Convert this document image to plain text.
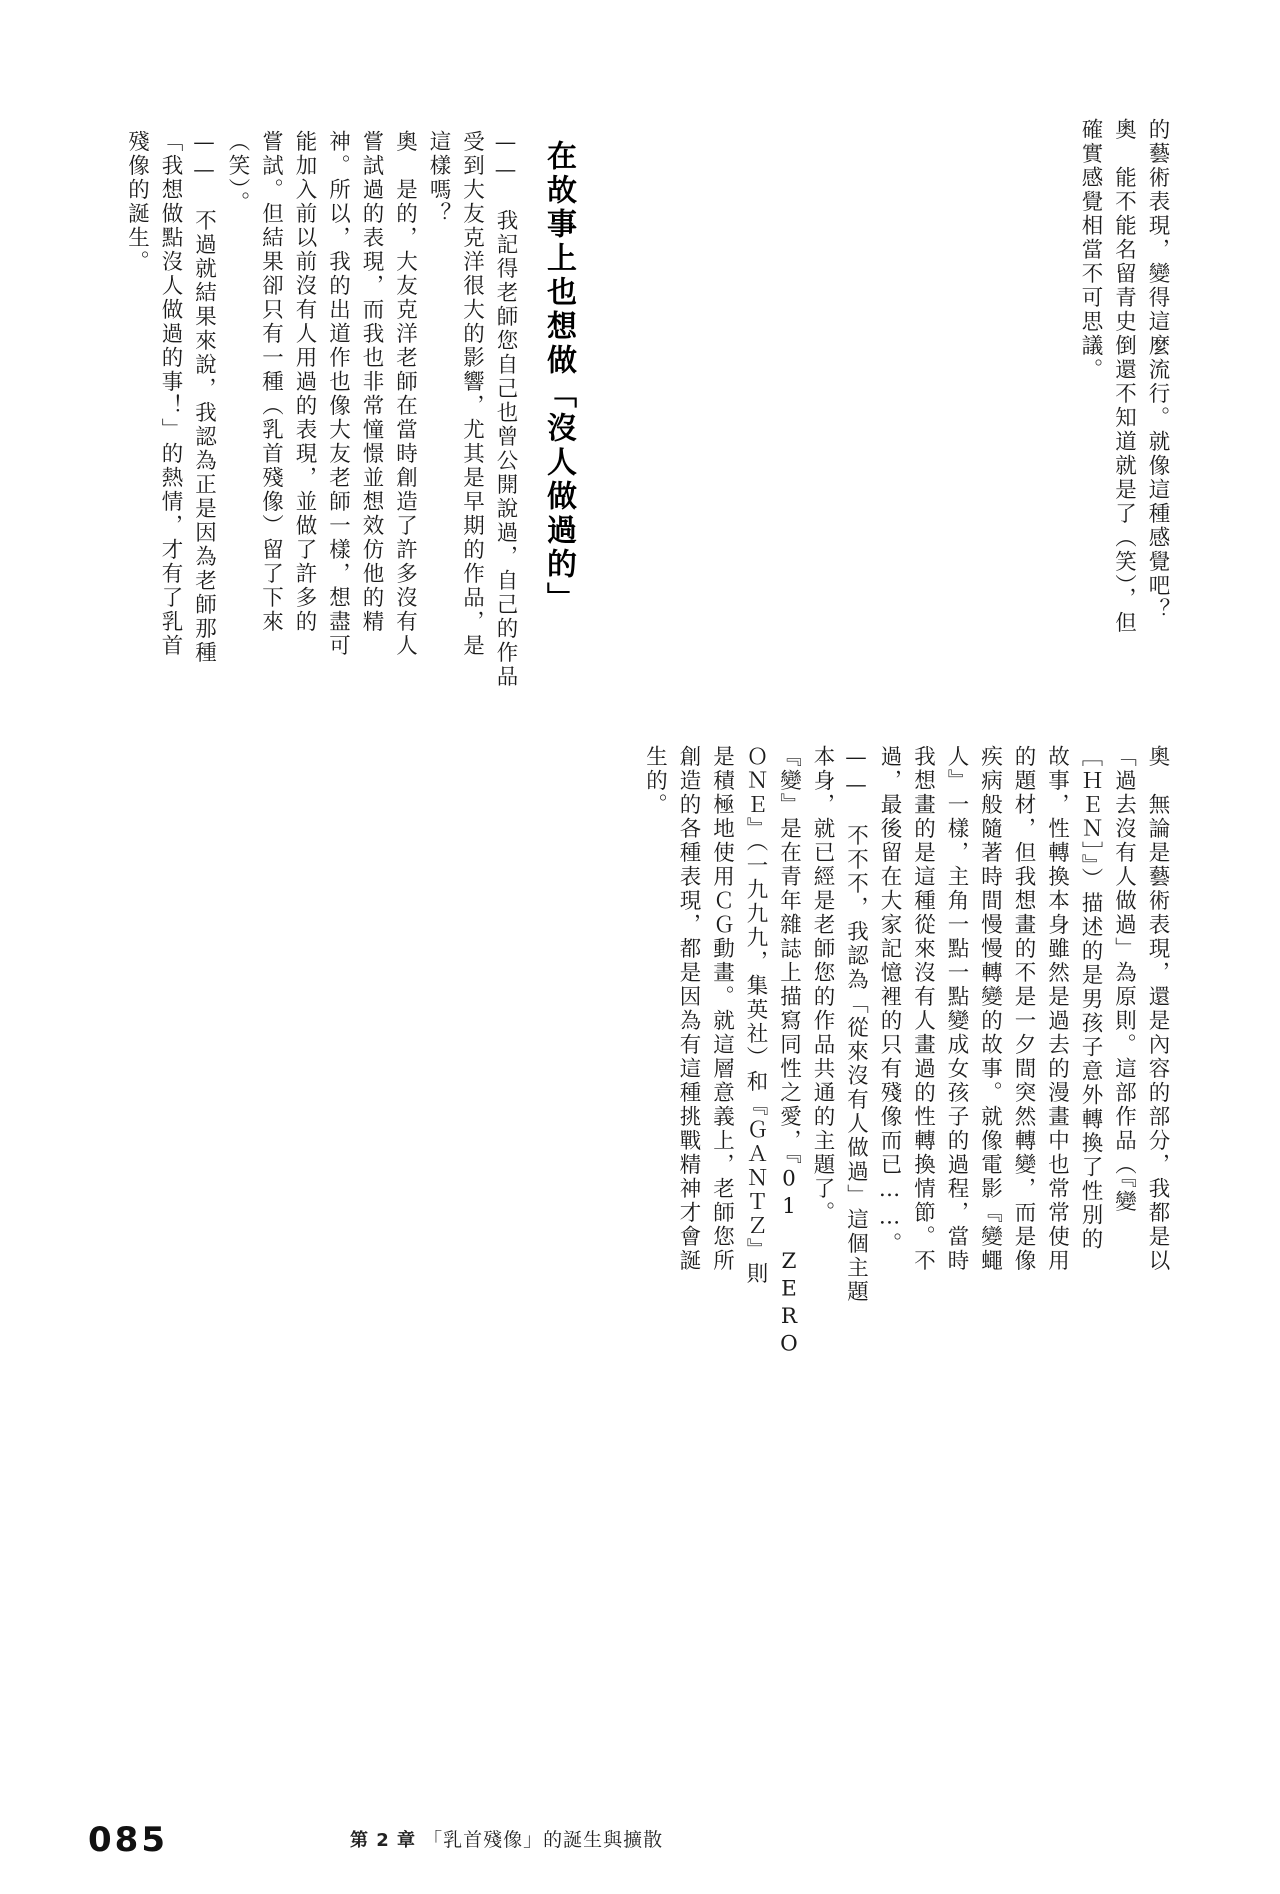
的藝術表現，變得這麼流行。就像這種感覺吧？
奧　能不能名留青史倒還不知道就是了（笑），但
確實感覺相當不可思議。
在故事上也想做「沒人做過的」
——　我記得老師您自己也曾公開說過，自己的作品
受到大友克洋很大的影響，尤其是早期的作品，是
這樣嗎？
奧　是的，大友克洋老師在當時創造了許多沒有人
嘗試過的表現，而我也非常憧憬並想效仿他的精
神。所以，我的出道作也像大友老師一樣，想盡可
能加入前以前沒有人用過的表現，並做了許多的
嘗試。但結果卻只有一種（乳首殘像）留了下來
（笑）。
——　不過就結果來說，我認為正是因為老師那種
「我想做點沒人做過的事！」的熱情，才有了乳首
殘像的誕生。
奧　無論是藝術表現，還是內容的部分，我都是以
「過去沒有人做過」為原則。這部作品（『變
［ＨＥＮ］』）描述的是男孩子意外轉換了性別的
故事，性轉換本身雖然是過去的漫畫中也常常使用
的題材，但我想畫的不是一夕間突然轉變，而是像
疾病般隨著時間慢慢轉變的故事。就像電影『變蠅
人』一樣，主角一點一點變成女孩子的過程，當時
我想畫的是這種從來沒有人畫過的性轉換情節。不
過，最後留在大家記憶裡的只有殘像而已……。
——　不不不，我認為「從來沒有人做過」這個主題
本身，就已經是老師您的作品共通的主題了。
『變』是在青年雜誌上描寫同性之愛，『01 ZERO
ＯＮＥ』（一九九九，集英社）和『ＧＡＮＴＺ』則
是積極地使用ＣＧ動畫。就這層意義上，老師您所
創造的各種表現，都是因為有這種挑戰精神才會誕
生的。
085	第 2 章 「乳首殘像」的誕生與擴散
